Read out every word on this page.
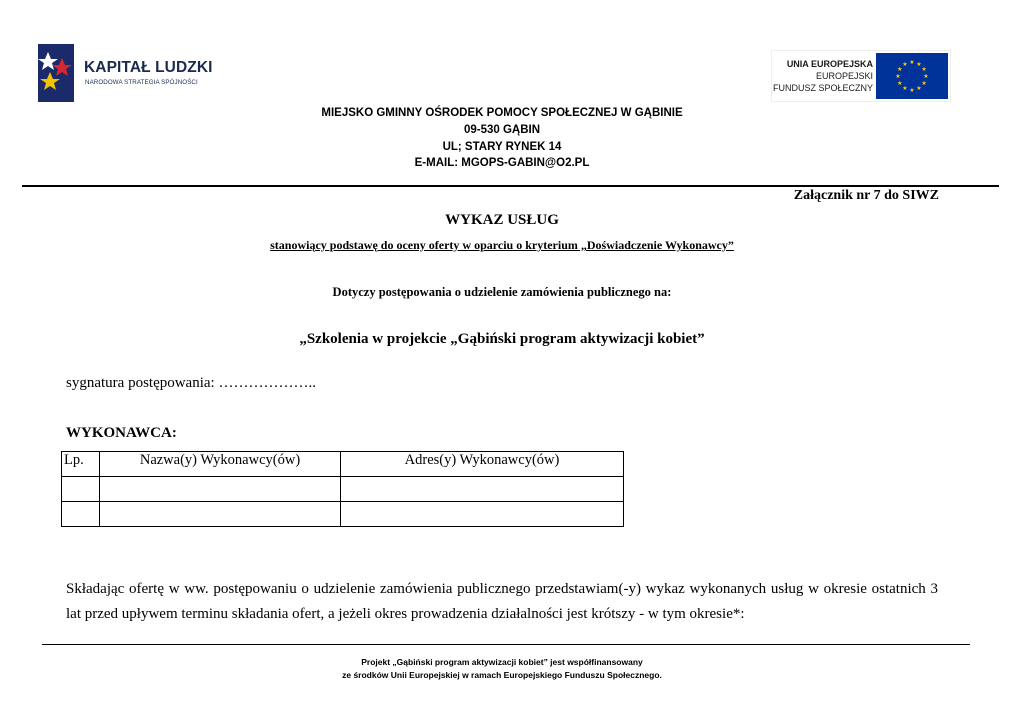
KAPITAŁ LUDZKI
NARODOWA STRATEGIA SPÓJNOŚCI
UNIA EUROPEJSKA
EUROPEJSKI
FUNDUSZ SPOŁECZNY
★
★
★
★
★
★
★
★
★ ★ ★
★
MIEJSKO GMINNY OŚRODEK POMOCY SPOŁECZNEJ W GĄBINIE
09-530 GĄBIN
UL; STARY RYNEK 14
E-MAIL: MGOPS-GABIN@O2.PL
Załącznik nr 7 do SIWZ
WYKAZ USŁUG
stanowiący podstawę do oceny oferty w oparciu o kryterium „Doświadczenie Wykonawcy”
Dotyczy postępowania o udzielenie zamówienia publicznego na:
„Szkolenia w projekcie „Gąbiński program aktywizacji kobiet”
sygnatura postępowania: ………………..
WYKONAWCA:
Lp.	Nazwa(y) Wykonawcy(ów)	Adres(y) Wykonawcy(ów)

Składając ofertę w ww. postępowaniu o udzielenie zamówienia publicznego przedstawiam(-y) wykaz wykonanych usług w okresie ostatnich 3 lat przed upływem terminu składania ofert, a jeżeli okres prowadzenia działalności jest krótszy - w tym okresie*:
Projekt „Gąbiński program aktywizacji kobiet” jest współfinansowany
ze środków Unii Europejskiej w ramach Europejskiego Funduszu Społecznego.
